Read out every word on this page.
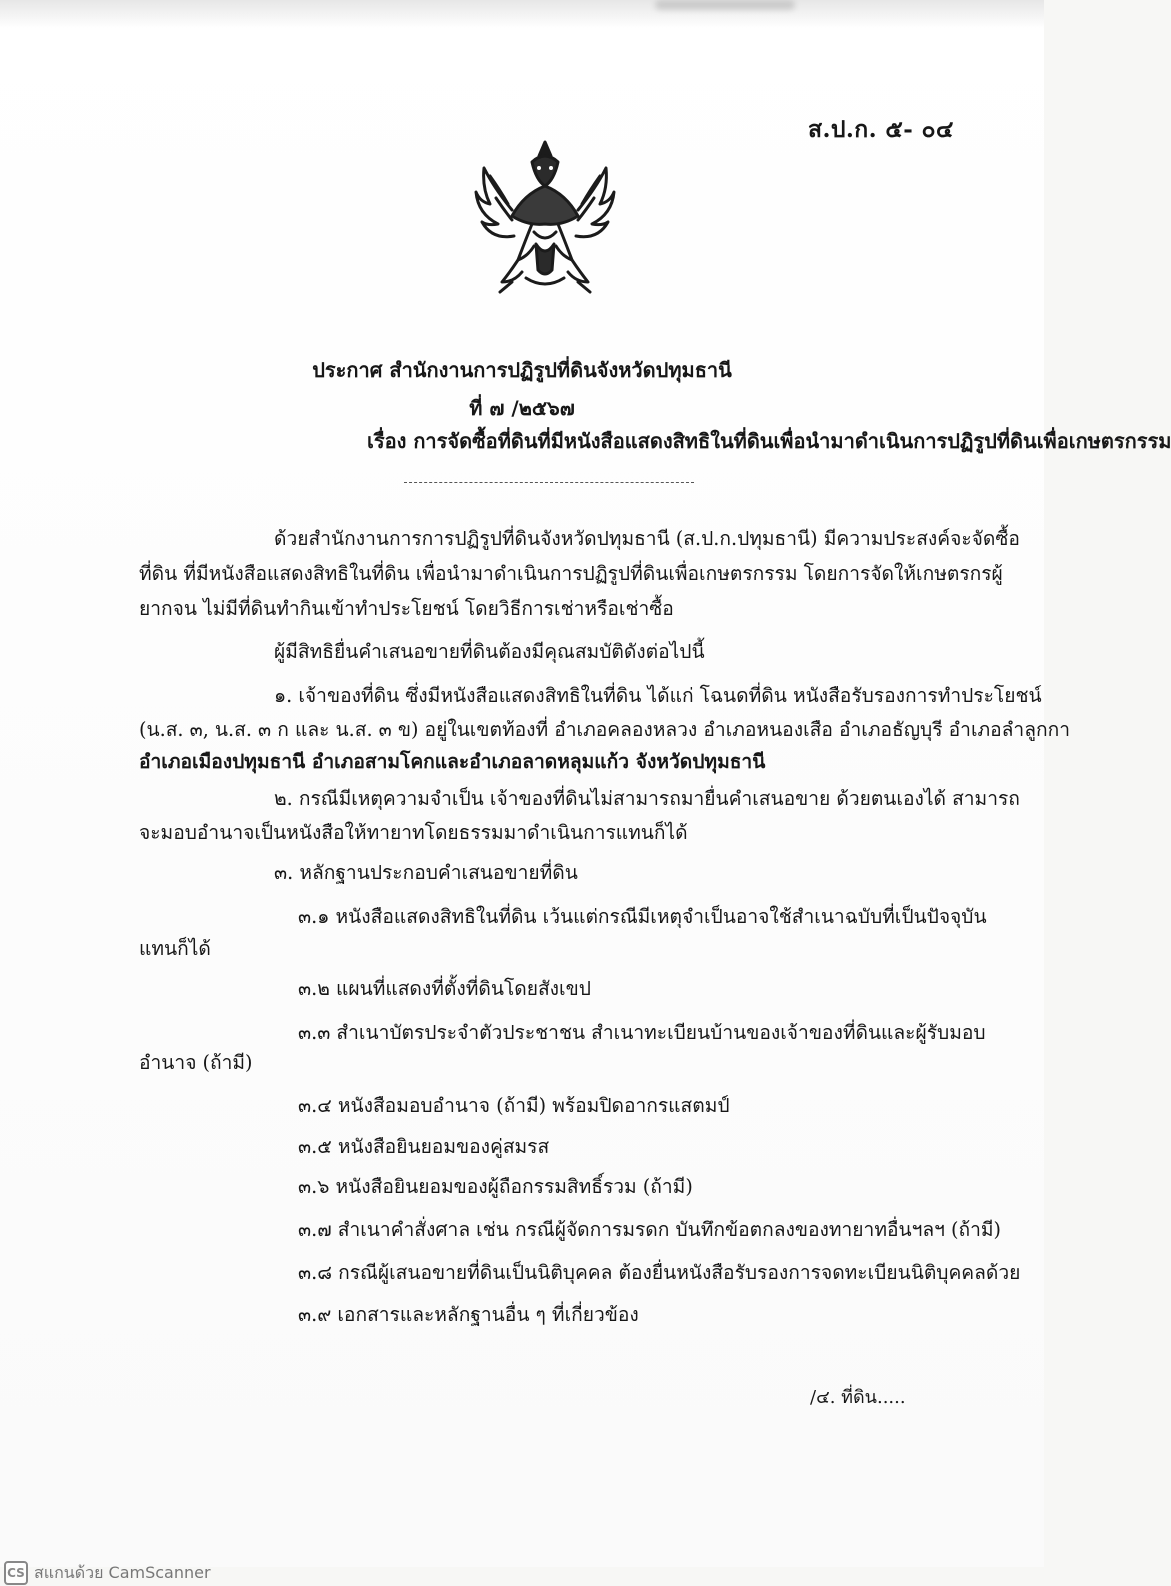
ส.ป.ก. ๕- ๐๔
ประกาศ สำนักงานการปฏิรูปที่ดินจังหวัดปทุมธานี
ที่ ๗ /๒๕๖๗
เรื่อง การจัดซื้อที่ดินที่มีหนังสือแสดงสิทธิในที่ดินเพื่อนำมาดำเนินการปฏิรูปที่ดินเพื่อเกษตรกรรม
ด้วยสำนักงานการการปฏิรูปที่ดินจังหวัดปทุมธานี (ส.ป.ก.ปทุมธานี) มีความประสงค์จะจัดซื้อ
ที่ดิน ที่มีหนังสือแสดงสิทธิในที่ดิน เพื่อนำมาดำเนินการปฏิรูปที่ดินเพื่อเกษตรกรรม โดยการจัดให้เกษตรกรผู้
ยากจน ไม่มีที่ดินทำกินเข้าทำประโยชน์ โดยวิธีการเช่าหรือเช่าซื้อ
ผู้มีสิทธิยื่นคำเสนอขายที่ดินต้องมีคุณสมบัติดังต่อไปนี้
๑. เจ้าของที่ดิน ซึ่งมีหนังสือแสดงสิทธิในที่ดิน ได้แก่ โฉนดที่ดิน หนังสือรับรองการทำประโยชน์
(น.ส. ๓, น.ส. ๓ ก และ น.ส. ๓ ข) อยู่ในเขตท้องที่ อำเภอคลองหลวง อำเภอหนองเสือ อำเภอธัญบุรี อำเภอลำลูกกา
อำเภอเมืองปทุมธานี อำเภอสามโคกและอำเภอลาดหลุมแก้ว จังหวัดปทุมธานี
๒. กรณีมีเหตุความจำเป็น เจ้าของที่ดินไม่สามารถมายื่นคำเสนอขาย ด้วยตนเองได้ สามารถ
จะมอบอำนาจเป็นหนังสือให้ทายาทโดยธรรมมาดำเนินการแทนก็ได้
๓. หลักฐานประกอบคำเสนอขายที่ดิน
๓.๑ หนังสือแสดงสิทธิในที่ดิน เว้นแต่กรณีมีเหตุจำเป็นอาจใช้สำเนาฉบับที่เป็นปัจจุบัน
แทนก็ได้
๓.๒ แผนที่แสดงที่ตั้งที่ดินโดยสังเขป
๓.๓ สำเนาบัตรประจำตัวประชาชน สำเนาทะเบียนบ้านของเจ้าของที่ดินและผู้รับมอบ
อำนาจ (ถ้ามี)
๓.๔ หนังสือมอบอำนาจ (ถ้ามี) พร้อมปิดอากรแสตมป์
๓.๕ หนังสือยินยอมของคู่สมรส
๓.๖ หนังสือยินยอมของผู้ถือกรรมสิทธิ์รวม (ถ้ามี)
๓.๗ สำเนาคำสั่งศาล เช่น กรณีผู้จัดการมรดก บันทึกข้อตกลงของทายาทอื่นฯลฯ (ถ้ามี)
๓.๘ กรณีผู้เสนอขายที่ดินเป็นนิติบุคคล ต้องยื่นหนังสือรับรองการจดทะเบียนนิติบุคคลด้วย
๓.๙ เอกสารและหลักฐานอื่น ๆ ที่เกี่ยวข้อง
/๔. ที่ดิน.....
CS สแกนด้วย CamScanner
